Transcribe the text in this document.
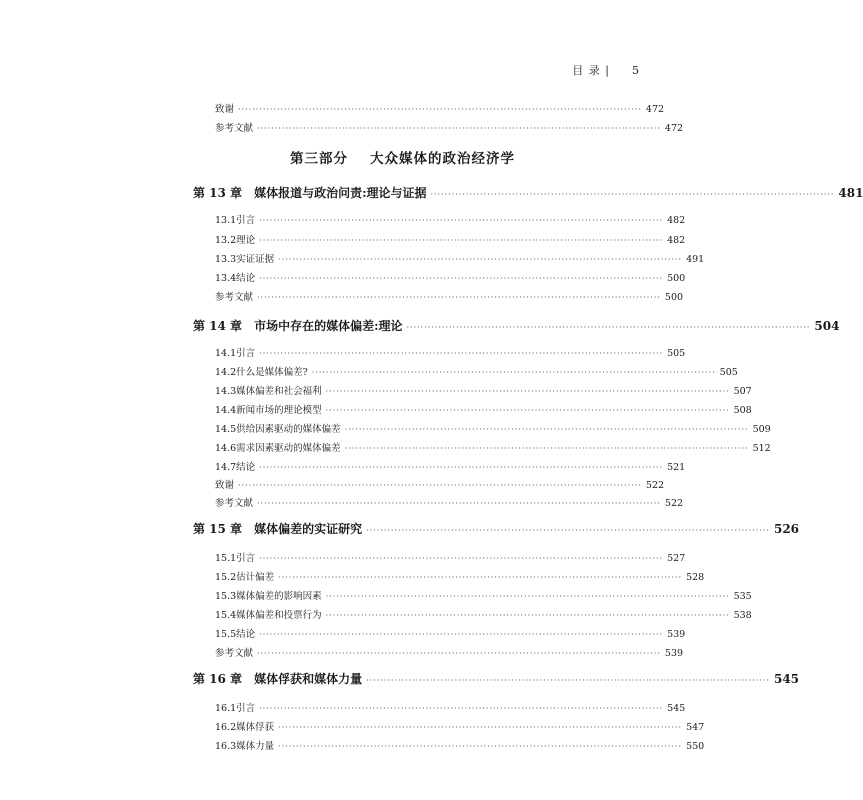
目 录 | 5
致谢 ·················································································································· 472
参考文献 ·················································································································· 472
第三部分 大众媒体的政治经济学
第 13 章 媒体报道与政治问责:理论与证据 ·················································································································· 481
13.1 引言 ·················································································································· 482
13.2 理论 ·················································································································· 482
13.3 实证证据 ·················································································································· 491
13.4 结论 ·················································································································· 500
参考文献 ·················································································································· 500
第 14 章 市场中存在的媒体偏差:理论 ·················································································································· 504
14.1 引言 ·················································································································· 505
14.2 什么是媒体偏差? ·················································································································· 505
14.3 媒体偏差和社会福利 ·················································································································· 507
14.4 新闻市场的理论模型 ·················································································································· 508
14.5 供给因素驱动的媒体偏差 ·················································································································· 509
14.6 需求因素驱动的媒体偏差 ·················································································································· 512
14.7 结论 ·················································································································· 521
致谢 ·················································································································· 522
参考文献 ·················································································································· 522
第 15 章 媒体偏差的实证研究 ·················································································································· 526
15.1 引言 ·················································································································· 527
15.2 估计偏差 ·················································································································· 528
15.3 媒体偏差的影响因素 ·················································································································· 535
15.4 媒体偏差和投票行为 ·················································································································· 538
15.5 结论 ·················································································································· 539
参考文献 ·················································································································· 539
第 16 章 媒体俘获和媒体力量 ·················································································································· 545
16.1 引言 ·················································································································· 545
16.2 媒体俘获 ·················································································································· 547
16.3 媒体力量 ·················································································································· 550
